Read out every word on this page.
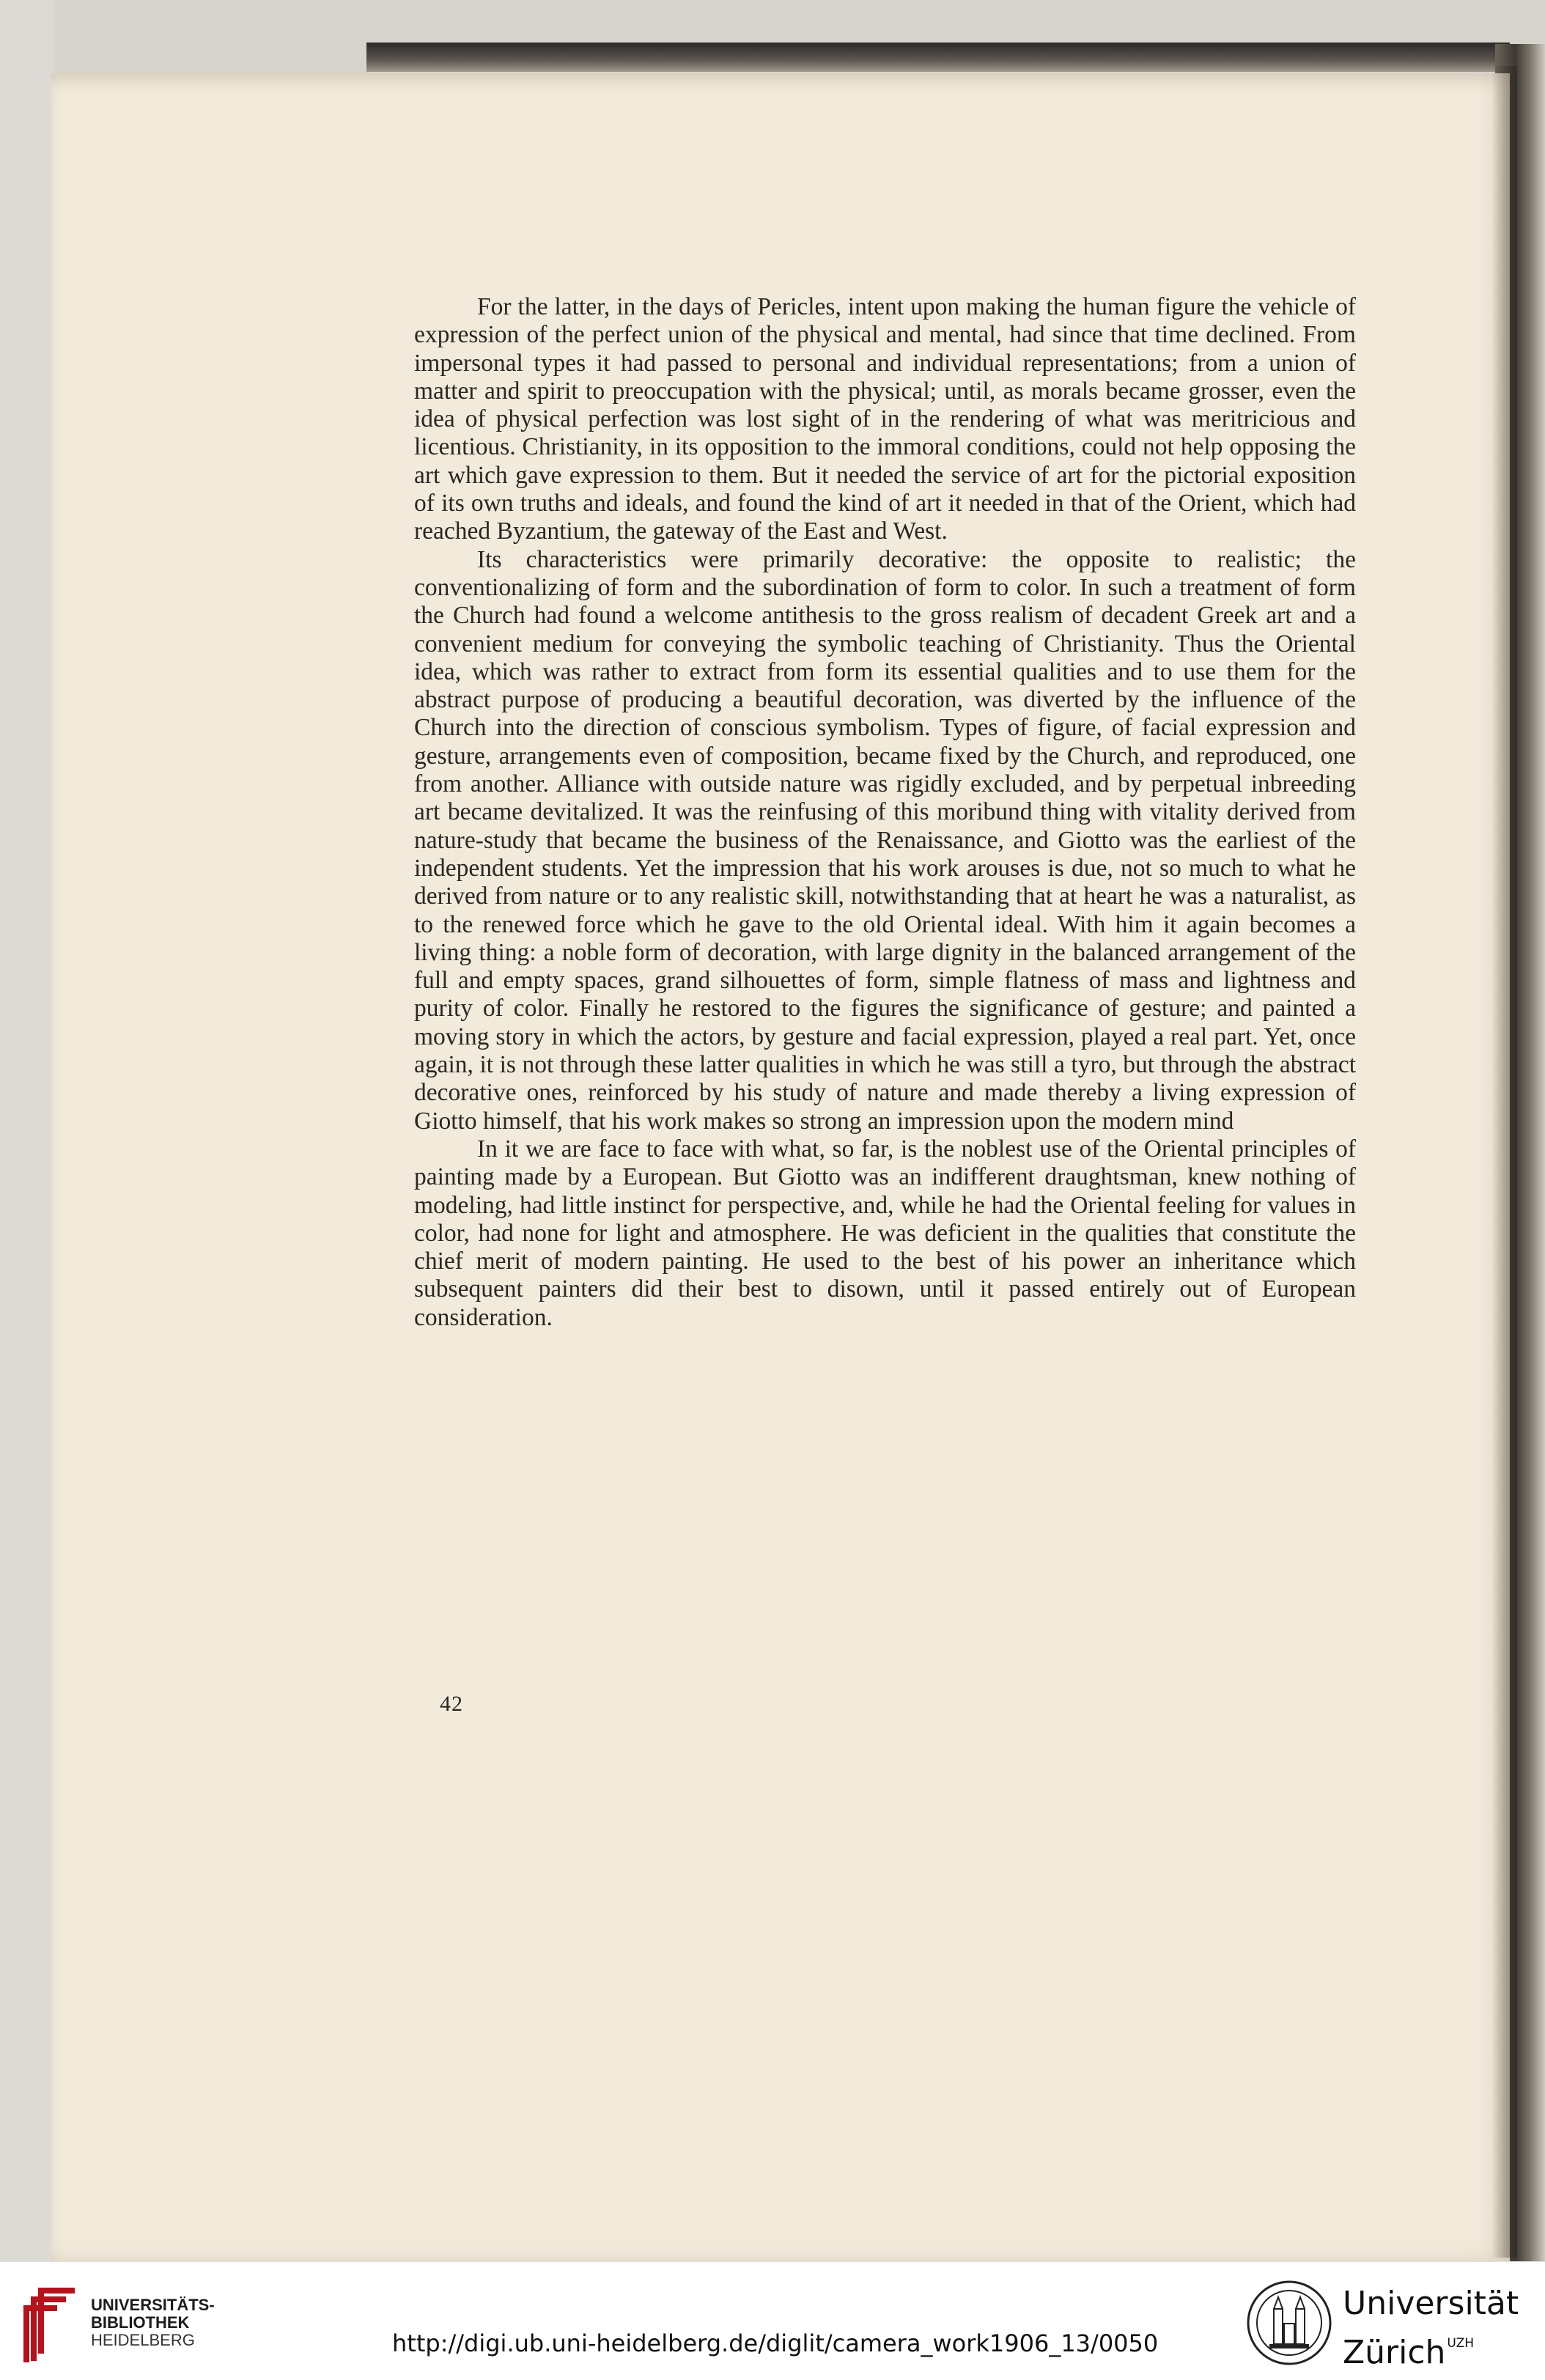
For the latter, in the days of Pericles, intent upon making the human figure the vehicle of expression of the perfect union of the physical and mental, had since that time declined. From impersonal types it had passed to personal and individual representations; from a union of matter and spirit to preoccupation with the physical; until, as morals became grosser, even the idea of physical perfection was lost sight of in the rendering of what was meritricious and licentious. Christianity, in its opposition to the immoral conditions, could not help opposing the art which gave expression to them. But it needed the service of art for the pictorial exposition of its own truths and ideals, and found the kind of art it needed in that of the Orient, which had reached Byzantium, the gateway of the East and West.

Its characteristics were primarily decorative: the opposite to realistic; the conventionalizing of form and the subordination of form to color. In such a treatment of form the Church had found a welcome antithesis to the gross realism of decadent Greek art and a convenient medium for conveying the symbolic teaching of Christianity. Thus the Oriental idea, which was rather to extract from form its essential qualities and to use them for the abstract purpose of producing a beautiful decoration, was diverted by the influence of the Church into the direction of conscious symbolism. Types of figure, of facial expression and gesture, arrangements even of composition, became fixed by the Church, and reproduced, one from another. Alliance with outside nature was rigidly excluded, and by perpetual inbreeding art became devitalized. It was the reinfusing of this moribund thing with vitality derived from nature-study that became the business of the Renaissance, and Giotto was the earliest of the independent students. Yet the impression that his work arouses is due, not so much to what he derived from nature or to any realistic skill, notwithstanding that at heart he was a naturalist, as to the renewed force which he gave to the old Oriental ideal. With him it again becomes a living thing: a noble form of decoration, with large dignity in the balanced arrangement of the full and empty spaces, grand silhouettes of form, simple flatness of mass and lightness and purity of color. Finally he restored to the figures the significance of gesture; and painted a moving story in which the actors, by gesture and facial expression, played a real part. Yet, once again, it is not through these latter qualities in which he was still a tyro, but through the abstract decorative ones, reinforced by his study of nature and made thereby a living expression of Giotto himself, that his work makes so strong an impression upon the modern mind

In it we are face to face with what, so far, is the noblest use of the Oriental principles of painting made by a European. But Giotto was an indifferent draughtsman, knew nothing of modeling, had little instinct for perspective, and, while he had the Oriental feeling for values in color, had none for light and atmosphere. He was deficient in the qualities that constitute the chief merit of modern painting. He used to the best of his power an inheritance which subsequent painters did their best to disown, until it passed entirely out of European consideration.

42
UNIVERSITÄTS-
BIBLIOTHEK
HEIDELBERG	http://digi.ub.uni-heidelberg.de/diglit/camera_work1906_13/0050
Universität
Zürich $^{UZH}$
